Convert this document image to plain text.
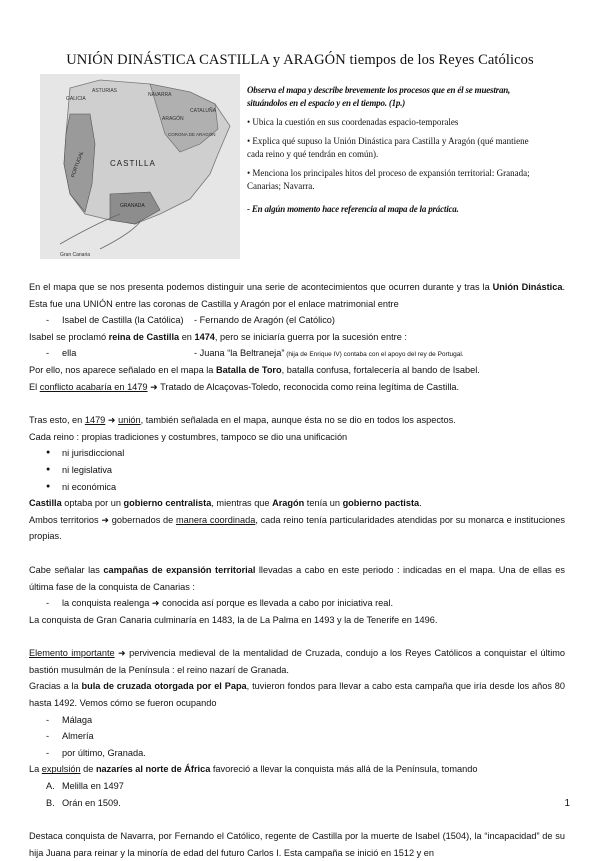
UNIÓN DINÁSTICA CASTILLA y ARAGÓN tiempos de los Reyes Católicos
GALICIA
ASTURIAS
NAVARRA
CATALUÑA
ARAGÓN
CORONA DE ARAGÓN
CASTILLA
PORTUGAL
GRANADA
Gran Canaria

Observa el mapa y describe brevemente los procesos que en él se muestran, situándolos en el espacio y en el tiempo. (1p.)

• Ubica la cuestión en sus coordenadas espacio-temporales

• Explica qué supuso la Unión Dinástica para Castilla y Aragón (qué mantiene cada reino y qué tendrán en común).

• Menciona los principales hitos del proceso de expansión territorial: Granada; Canarias; Navarra.

- En algún momento hace referencia al mapa de la práctica.

En el mapa que se nos presenta podemos distinguir una serie de acontecimientos que ocurren durante y tras la Unión Dinástica. Esta fue una UNIÓN entre las coronas de Castilla y Aragón por el enlace matrimonial entre

- Isabel de Castilla (la Católica) - Fernando de Aragón (el Católico)

Isabel se proclamó reina de Castilla en 1474, pero se iniciaría guerra por la sucesión entre :

- ella	- Juana “la Beltraneja” (hija de Enrique IV) contaba con el apoyo del rey de Portugal.

Por ello, nos aparece señalado en el mapa la Batalla de Toro, batalla confusa, fortalecería al bando de Isabel.

El conflicto acabaría en 1479 ➜ Tratado de Alcaçovas-Toledo, reconocida como reina legítima de Castilla.

Tras esto, en 1479 ➜ unión, también señalada en el mapa, aunque ésta no se dio en todos los aspectos.

Cada reino : propias tradiciones y costumbres, tampoco se dio una unificación

● ni jurisdiccional

● ni legislativa

● ni económica

Castilla optaba por un gobierno centralista, mientras que Aragón tenía un gobierno pactista.

Ambos territorios ➜ gobernados de manera coordinada, cada reino tenía particularidades atendidas por su monarca e instituciones propias.

Cabe señalar las campañas de expansión territorial llevadas a cabo en este periodo : indicadas en el mapa. Una de ellas es última fase de la conquista de Canarias :

- la conquista realenga ➜ conocida así porque es llevada a cabo por iniciativa real.

La conquista de Gran Canaria culminaría en 1483, la de La Palma en 1493 y la de Tenerife en 1496.

Elemento importante ➜ pervivencia medieval de la mentalidad de Cruzada, condujo a los Reyes Católicos a conquistar el último bastión musulmán de la Península : el reino nazarí de Granada.

Gracias a la bula de cruzada otorgada por el Papa, tuvieron fondos para llevar a cabo esta campaña que iría desde los años 80 hasta 1492. Vemos cómo se fueron ocupando

- Málaga

- Almería

- por último, Granada.

La expulsión de nazaríes al norte de África favoreció a llevar la conquista más allá de la Península, tomando

A. Melilla en 1497

B. Orán en 1509.

Destaca conquista de Navarra, por Fernando el Católico, regente de Castilla por la muerte de Isabel (1504), la “incapacidad” de su hija Juana para reinar y la minoría de edad del futuro Carlos I. Esta campaña se inició en 1512 y en

1
